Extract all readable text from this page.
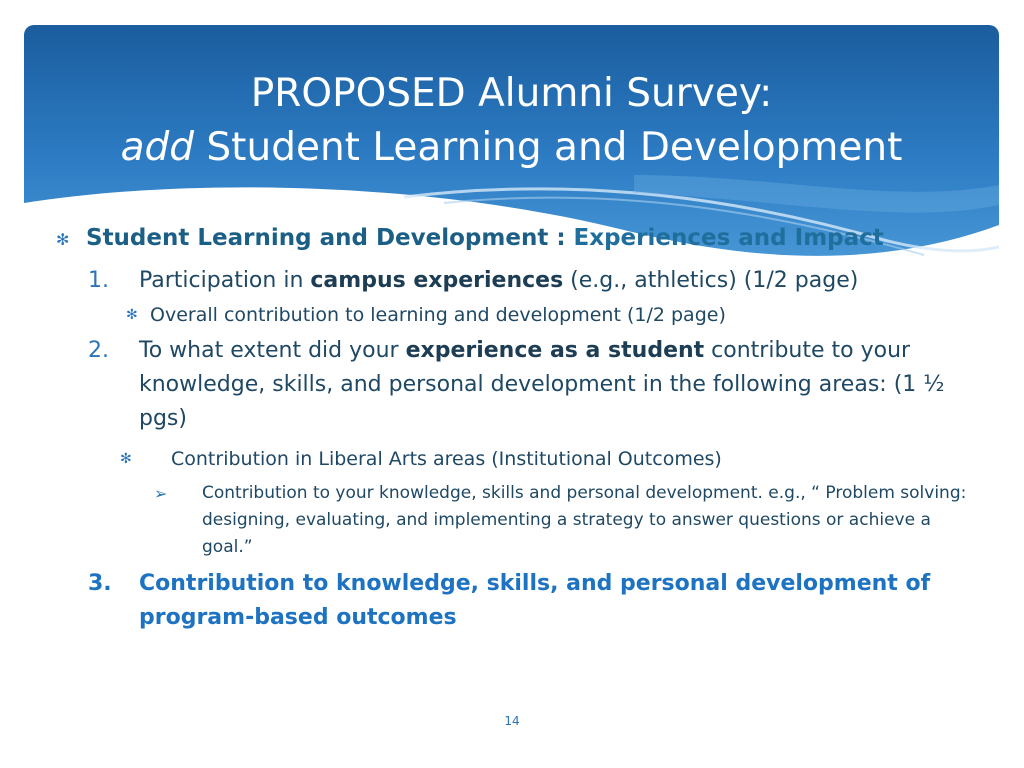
PROPOSED Alumni Survey:
add Student Learning and Development
✻ Student Learning and Development : Experiences and Impact
1. Participation in campus experiences (e.g., athletics) (1/2 page)
✻ Overall contribution to learning and development (1/2 page)
2. To what extent did your experience as a student contribute to your knowledge, skills, and personal development in the following areas: (1 ½ pgs)
✻ Contribution in Liberal Arts areas (Institutional Outcomes)
➢ Contribution to your knowledge, skills and personal development. e.g., “ Problem solving: designing, evaluating, and implementing a strategy to answer questions or achieve a goal.”
3. Contribution to knowledge, skills, and personal development of program-based outcomes
14
